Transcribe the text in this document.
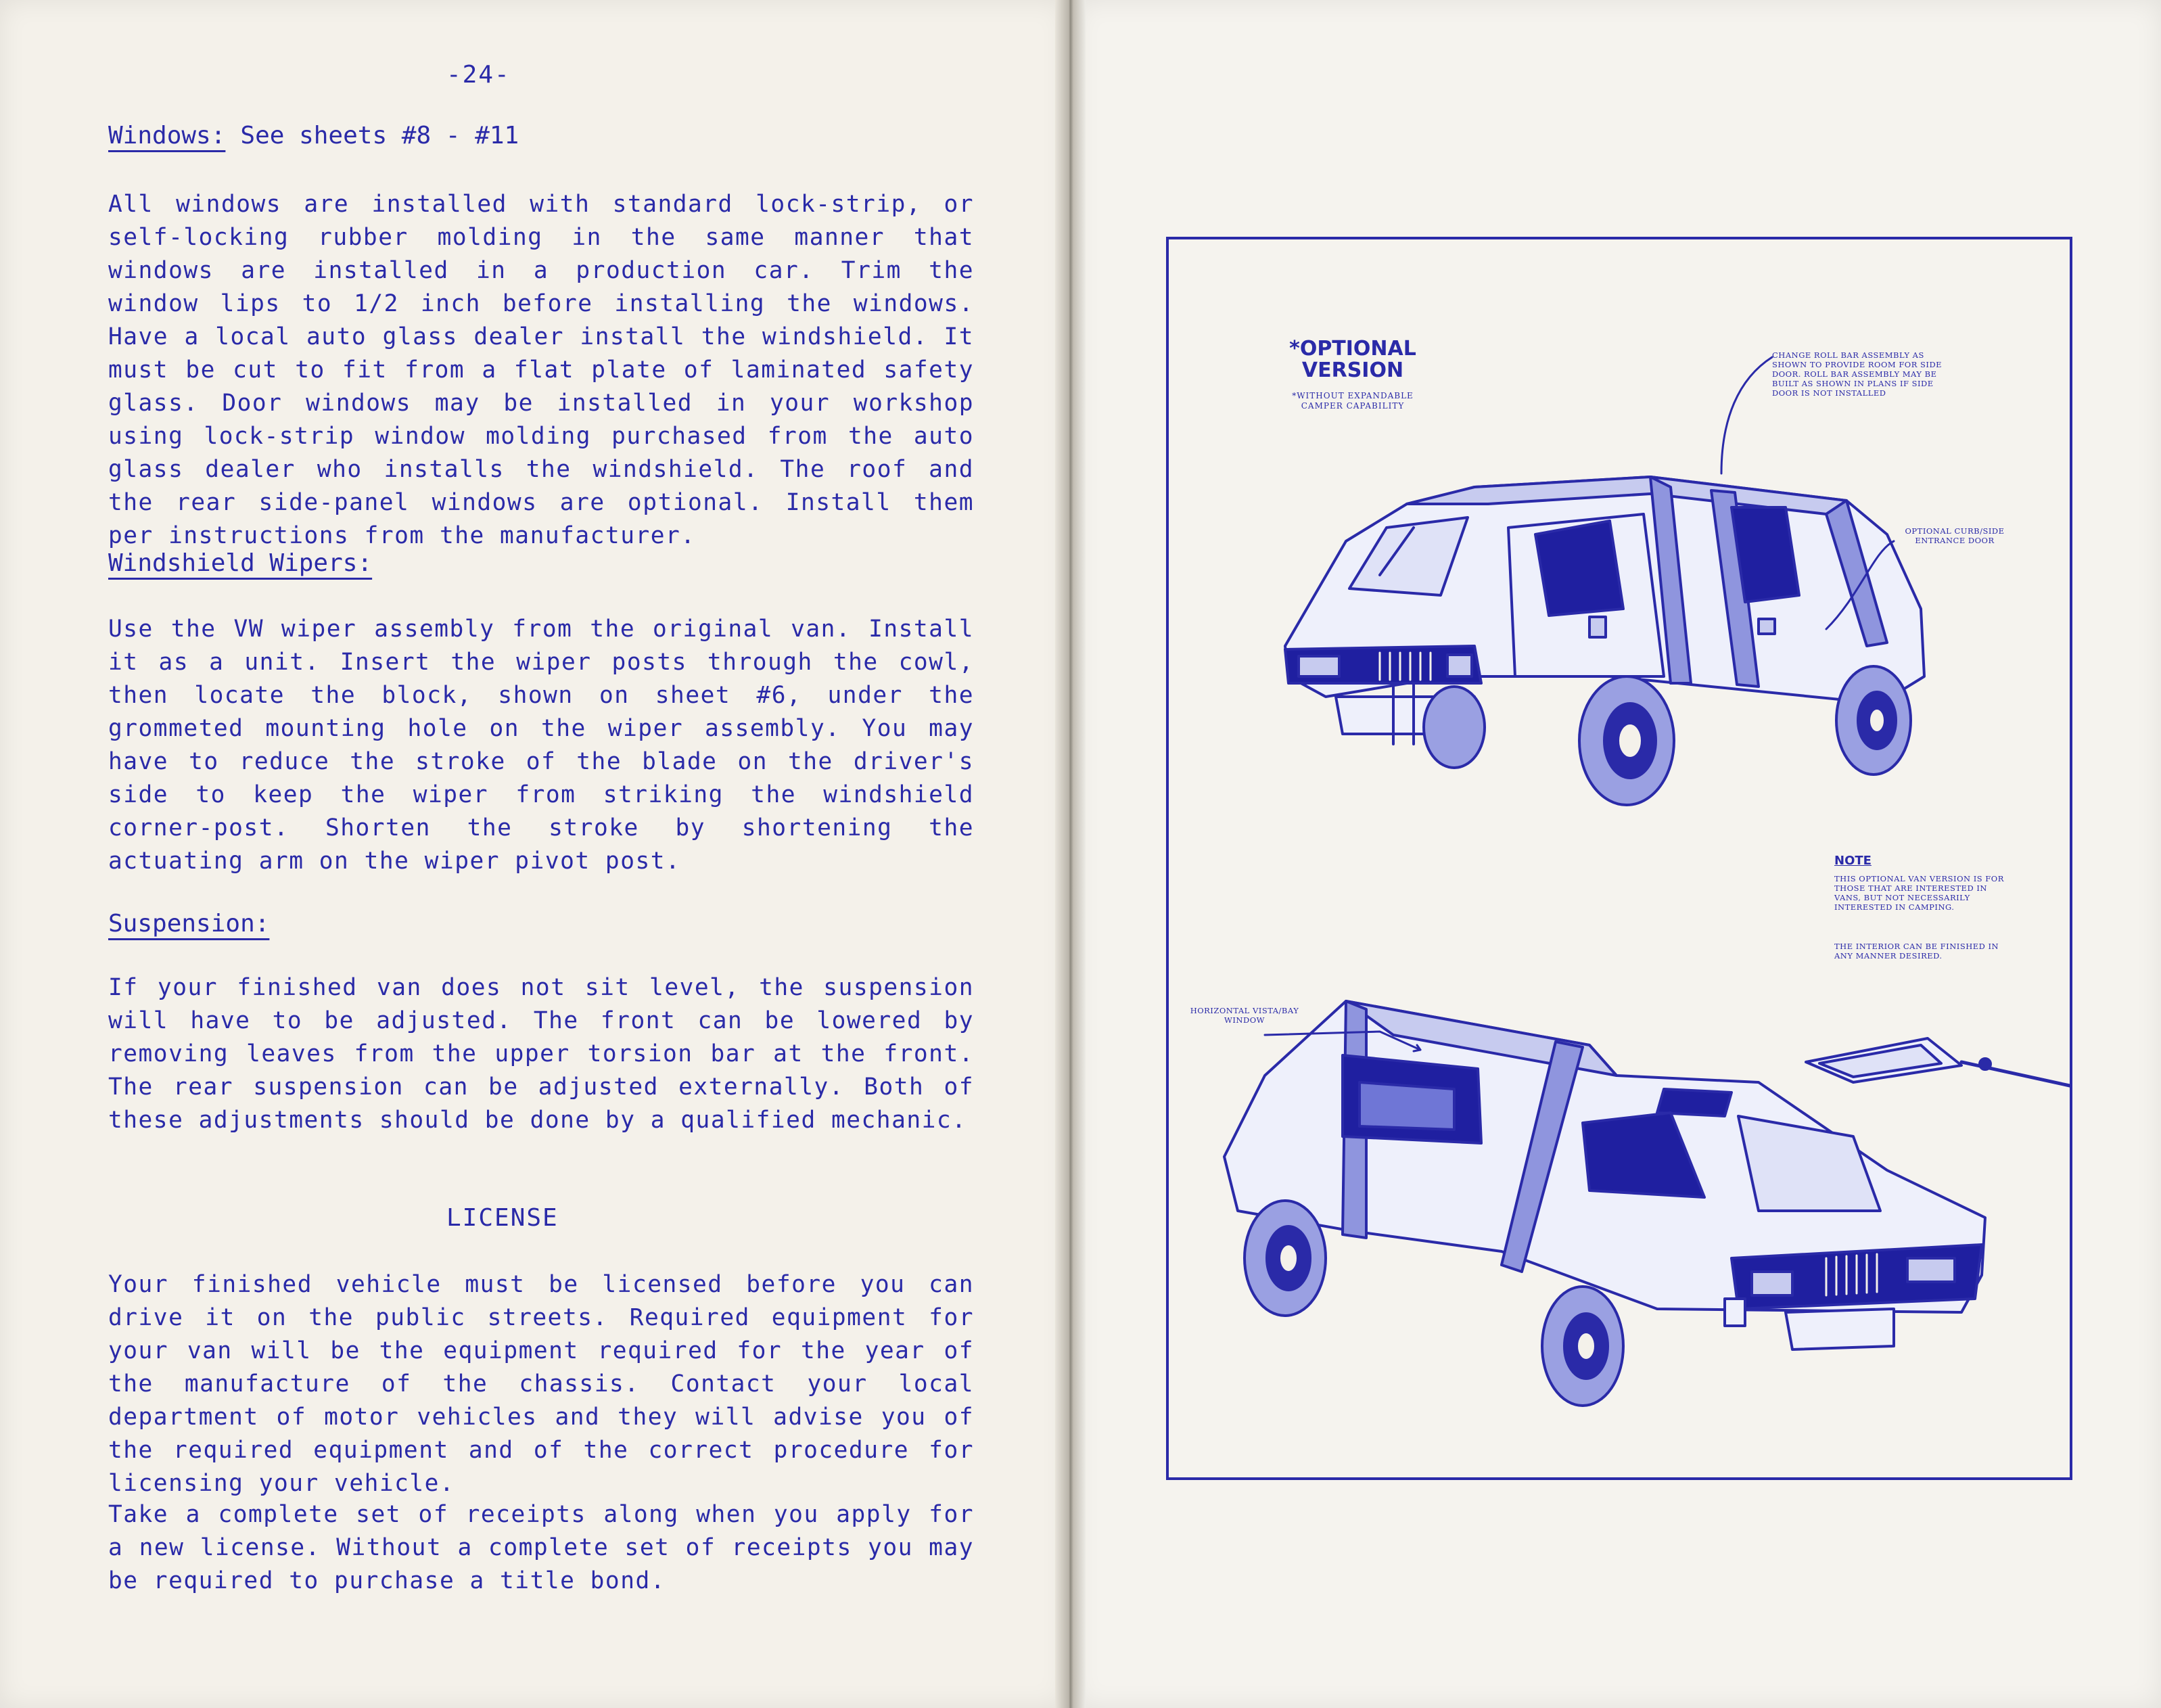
-24-
Windows: See sheets #8 - #11
All windows are installed with standard lock-strip, or self-locking rubber molding in the same manner that windows are installed in a production car. Trim the window lips to 1/2 inch before installing the windows. Have a local auto glass dealer install the windshield. It must be cut to fit from a flat plate of laminated safety glass. Door windows may be installed in your workshop using lock-strip window molding purchased from the auto glass dealer who installs the windshield. The roof and the rear side-panel windows are optional. Install them per instructions from the manufacturer.
Windshield Wipers:
Use the VW wiper assembly from the original van. Install it as a unit. Insert the wiper posts through the cowl, then locate the block, shown on sheet #6, under the grommeted mounting hole on the wiper assembly. You may have to reduce the stroke of the blade on the driver's side to keep the wiper from striking the windshield corner-post. Shorten the stroke by shortening the actuating arm on the wiper pivot post.
Suspension:
If your finished van does not sit level, the suspension will have to be adjusted. The front can be lowered by removing leaves from the upper torsion bar at the front. The rear suspension can be adjusted externally. Both of these adjustments should be done by a qualified mechanic.
LICENSE
Your finished vehicle must be licensed before you can drive it on the public streets. Required equipment for your van will be the equipment required for the year of the manufacture of the chassis. Contact your local department of motor vehicles and they will advise you of the required equipment and of the correct procedure for licensing your vehicle.
Take a complete set of receipts along when you apply for a new license. Without a complete set of receipts you may be required to purchase a title bond.
*OPTIONAL
VERSION
*WITHOUT EXPANDABLE CAMPER CAPABILITY
CHANGE ROLL BAR ASSEMBLY AS SHOWN TO PROVIDE ROOM FOR SIDE DOOR. ROLL BAR ASSEMBLY MAY BE BUILT AS SHOWN IN PLANS IF SIDE DOOR IS NOT INSTALLED
OPTIONAL CURB/SIDE ENTRANCE DOOR
NOTE
THIS OPTIONAL VAN VERSION IS FOR THOSE THAT ARE INTERESTED IN VANS, BUT NOT NECESSARILY INTERESTED IN CAMPING.
THE INTERIOR CAN BE FINISHED IN ANY MANNER DESIRED.
HORIZONTAL VISTA/BAY WINDOW
